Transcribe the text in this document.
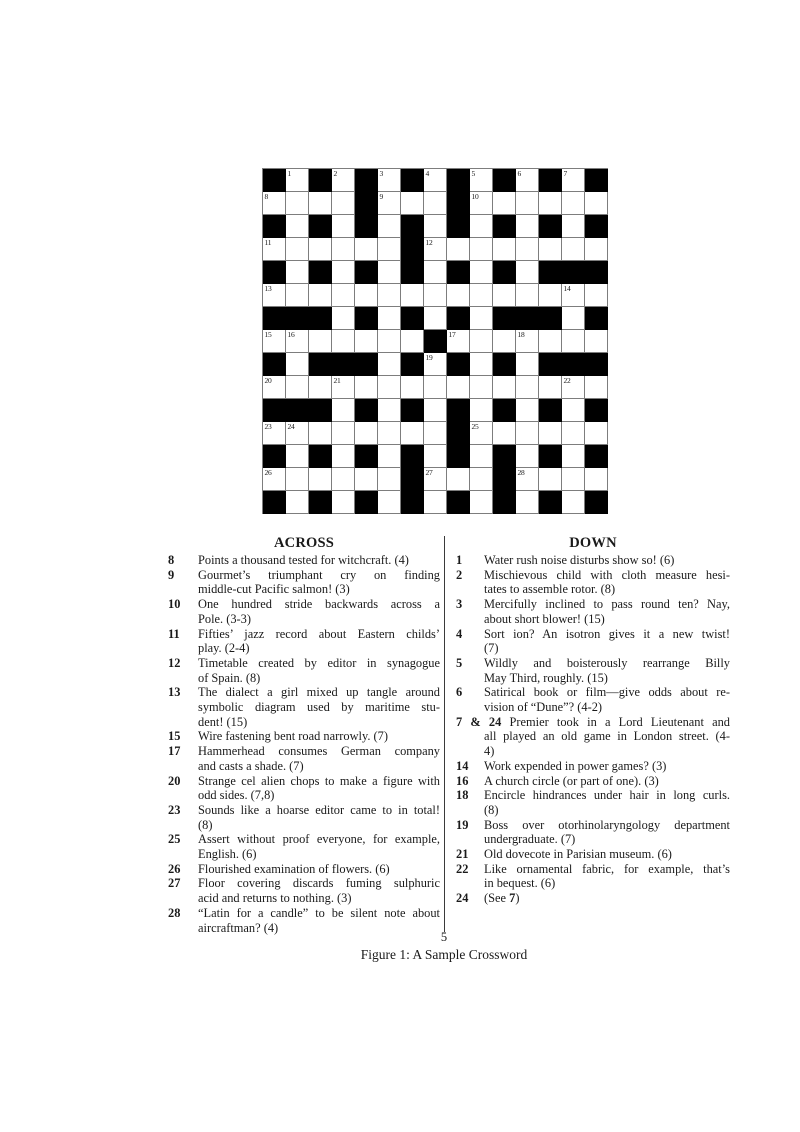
1	2	3	4	5	6	7
8	9	10
11	12
13	14
15 16	17	18
19
20	21	22
23 24	25
26	27	28
ACROSS
8	Points a thousand tested for witchcraft. (4)
9	Gourmet’s triumphant cry on finding
middle-cut Pacific salmon! (3)
10	One hundred stride backwards across a
Pole. (3-3)
11	Fifties’ jazz record about Eastern childs’
play. (2-4)
12	Timetable created by editor in synagogue
of Spain. (8)
13	The dialect a girl mixed up tangle around
symbolic diagram used by maritime stu-
dent! (15)
15	Wire fastening bent road narrowly. (7)
17	Hammerhead consumes German company
and casts a shade. (7)
20	Strange cel alien chops to make a figure with
odd sides. (7,8)
23	Sounds like a hoarse editor came to in total!
(8)
25	Assert without proof everyone, for example,
English. (6)
26	Flourished examination of flowers. (6)
27	Floor covering discards fuming sulphuric
acid and returns to nothing. (3)
28	“Latin for a candle” to be silent note about
aircraftman? (4)
DOWN
1	Water rush noise disturbs show so! (6)
2	Mischievous child with cloth measure hesi-
tates to assemble rotor. (8)
3	Mercifully inclined to pass round ten? Nay,
about short blower! (15)
4	Sort ion? An isotron gives it a new twist!
(7)
5	Wildly and boisterously rearrange Billy
May Third, roughly. (15)
6	Satirical book or film—give odds about re-
vision of “Dune”? (4-2)
7 & 24 Premier took in a Lord Lieutenant and
all played an old game in London street. (4-
4)
14	Work expended in power games? (3)
16	A church circle (or part of one). (3)
18	Encircle hindrances under hair in long curls.
(8)
19	Boss over otorhinolaryngology department
undergraduate. (7)
21	Old dovecote in Parisian museum. (6)
22	Like ornamental fabric, for example, that’s
in bequest. (6)
24	(See 7)
5
Figure 1: A Sample Crossword
